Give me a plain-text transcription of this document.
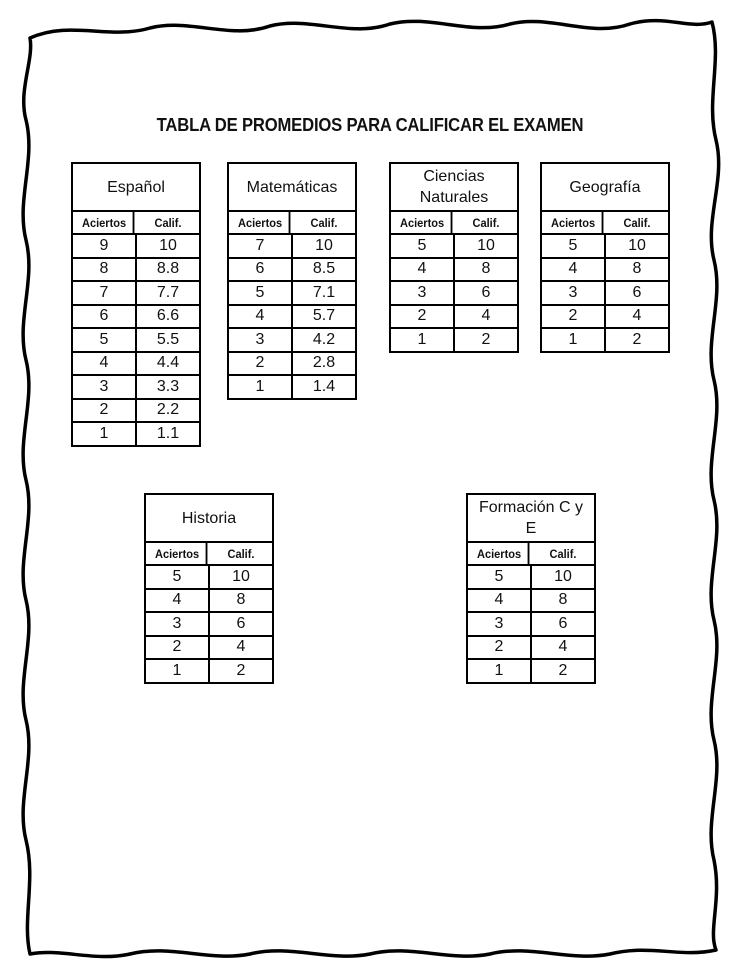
TABLA DE PROMEDIOS PARA CALIFICAR EL EXAMEN
Español
Aciertos	Calif.
9	10
8	8.8
7	7.7
6	6.6
5	5.5
4	4.4
3	3.3
2	2.2
1	1.1
Matemáticas
Aciertos	Calif.
7	10
6	8.5
5	7.1
4	5.7
3	4.2
2	2.8
1	1.4
Ciencias Naturales
Aciertos	Calif.
5	10
4	8
3	6
2	4
1	2
Geografía
Aciertos	Calif.
5	10
4	8
3	6
2	4
1	2
Historia
Aciertos	Calif.
5	10
4	8
3	6
2	4
1	2
Formación C y E
Aciertos	Calif.
5	10
4	8
3	6
2	4
1	2
